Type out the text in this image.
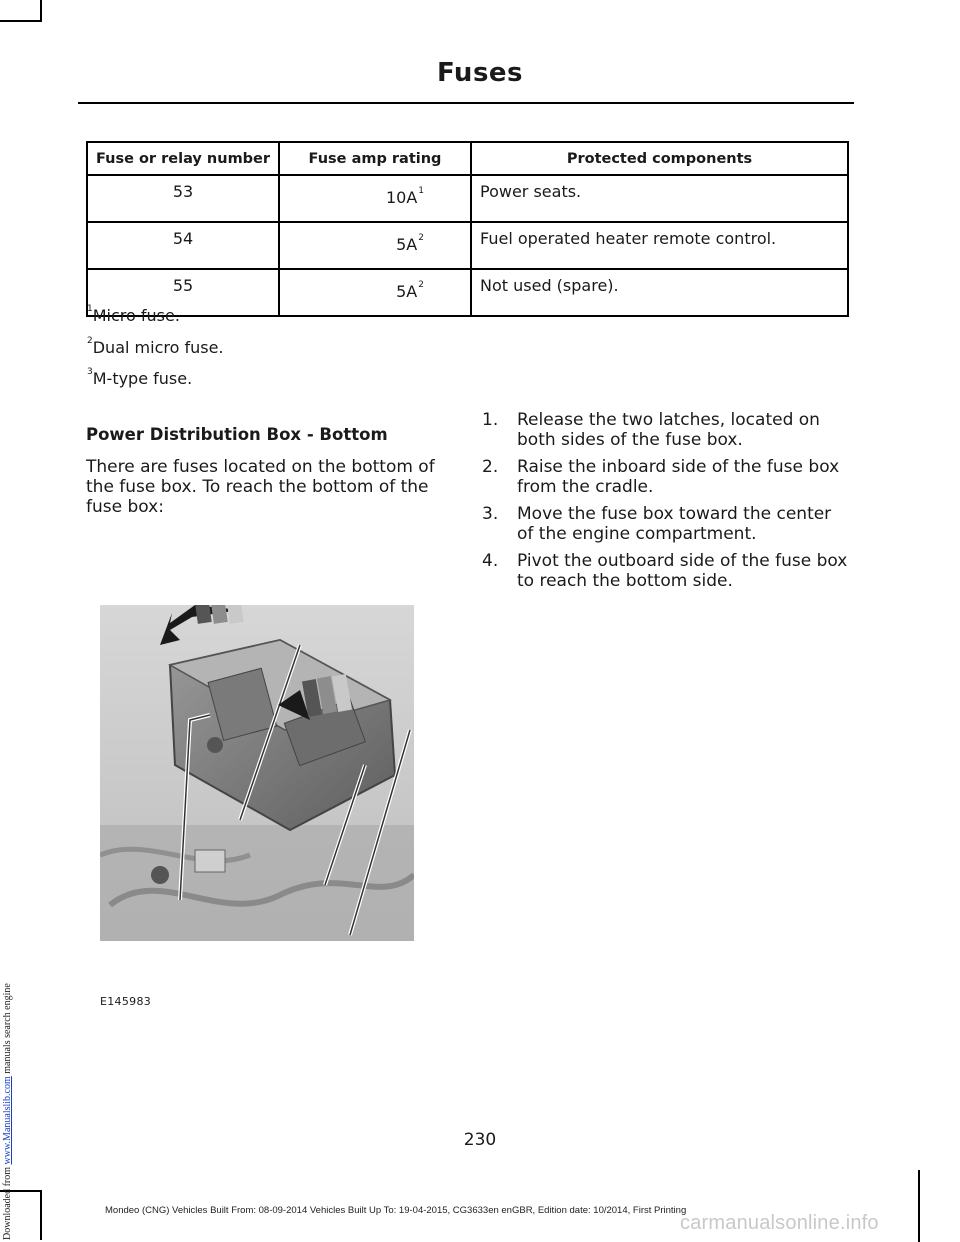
Fuses
Fuse or relay number	Fuse amp rating	Protected components
53	$10A^1$	Power seats.
54	$5A^2$	Fuel operated heater remote control.
55	$5A^2$	Not used (spare).
$^1$Micro fuse.
$^2$Dual micro fuse.
$^3$M-type fuse.
Power Distribution Box - Bottom
There are fuses located on the bottom of the fuse box. To reach the bottom of the fuse box:
1. Release the two latches, located on both sides of the fuse box.
2. Raise the inboard side of the fuse box from the cradle.
3. Move the fuse box toward the center of the engine compartment.
4. Pivot the outboard side of the fuse box to reach the bottom side.
E145983
230
Mondeo (CNG) Vehicles Built From: 08-09-2014 Vehicles Built Up To: 19-04-2015, CG3633en enGBR, Edition date: 10/2014, First Printing
Downloaded from www.Manualslib.com manuals search engine
carmanualsonline.info
